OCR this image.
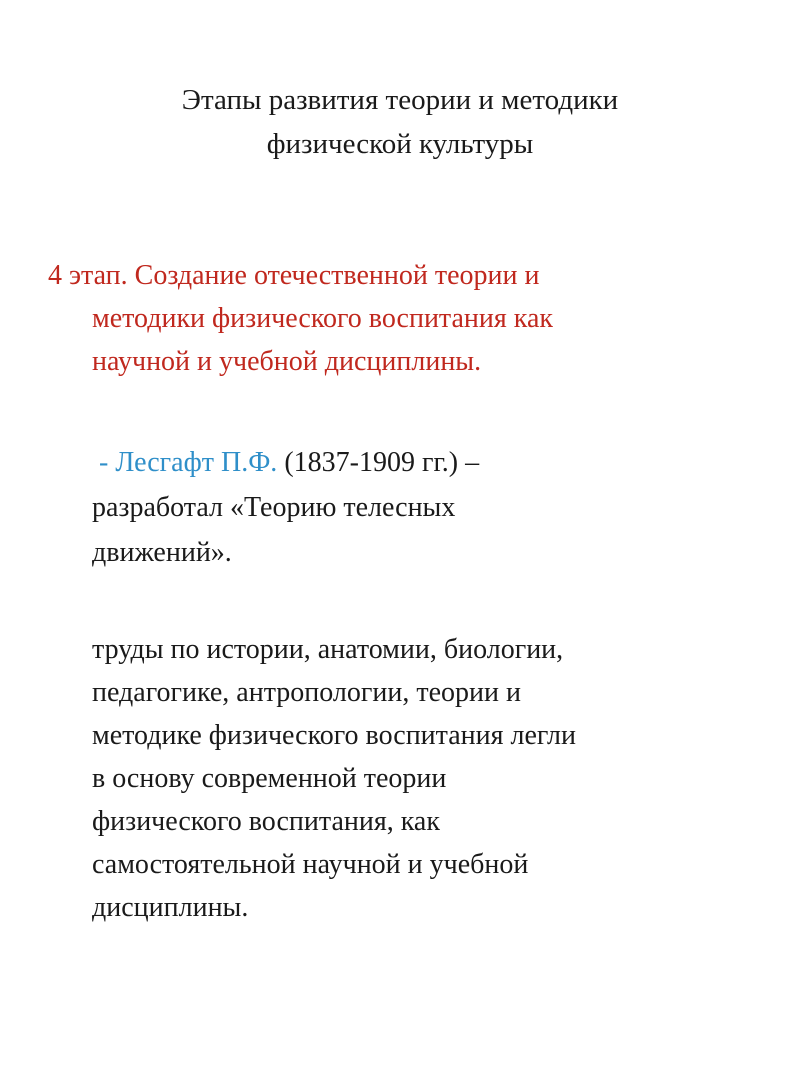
Этапы развития теории и методики
физической культуры
4 этап. Создание отечественной теории и
методики физического воспитания как
научной и учебной дисциплины.
- Лесгафт П.Ф. (1837-1909 гг.) –
разработал «Теорию телесных
движений».
труды по истории, анатомии, биологии,
педагогике, антропологии, теории и
методике физического воспитания легли
в основу современной теории
физического воспитания, как
самостоятельной научной и учебной
дисциплины.
